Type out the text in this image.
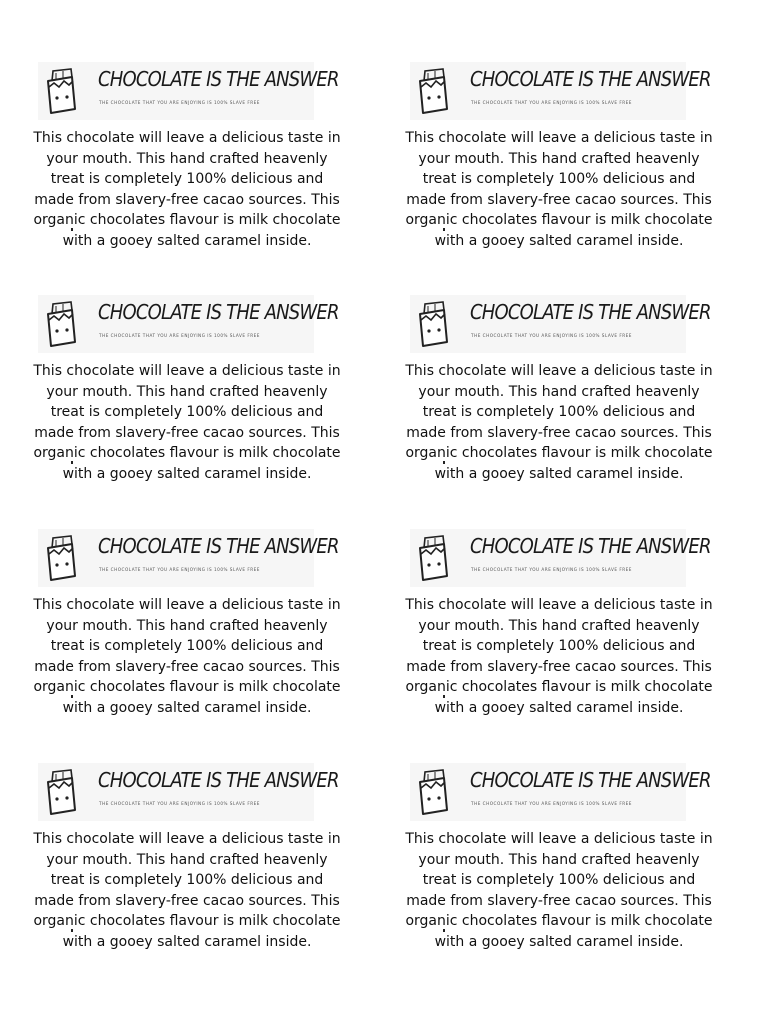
CHOCOLATE IS THE ANSWER
THE CHOCOLATE THAT YOU ARE ENJOYING IS 100% SLAVE FREE

This chocolate will leave a delicious taste in your mouth. This hand crafted heavenly treat is completely 100% delicious and made from slavery-free cacao sources. This organic chocolates flavour is milk chocolate with a gooey salted caramel inside.

CHOCOLATE IS THE ANSWER
THE CHOCOLATE THAT YOU ARE ENJOYING IS 100% SLAVE FREE

This chocolate will leave a delicious taste in your mouth. This hand crafted heavenly treat is completely 100% delicious and made from slavery-free cacao sources. This organic chocolates flavour is milk chocolate with a gooey salted caramel inside.

CHOCOLATE IS THE ANSWER
THE CHOCOLATE THAT YOU ARE ENJOYING IS 100% SLAVE FREE

This chocolate will leave a delicious taste in your mouth. This hand crafted heavenly treat is completely 100% delicious and made from slavery-free cacao sources. This organic chocolates flavour is milk chocolate with a gooey salted caramel inside.

CHOCOLATE IS THE ANSWER
THE CHOCOLATE THAT YOU ARE ENJOYING IS 100% SLAVE FREE

This chocolate will leave a delicious taste in your mouth. This hand crafted heavenly treat is completely 100% delicious and made from slavery-free cacao sources. This organic chocolates flavour is milk chocolate with a gooey salted caramel inside.

CHOCOLATE IS THE ANSWER
THE CHOCOLATE THAT YOU ARE ENJOYING IS 100% SLAVE FREE

This chocolate will leave a delicious taste in your mouth. This hand crafted heavenly treat is completely 100% delicious and made from slavery-free cacao sources. This organic chocolates flavour is milk chocolate with a gooey salted caramel inside.

CHOCOLATE IS THE ANSWER
THE CHOCOLATE THAT YOU ARE ENJOYING IS 100% SLAVE FREE

This chocolate will leave a delicious taste in your mouth. This hand crafted heavenly treat is completely 100% delicious and made from slavery-free cacao sources. This organic chocolates flavour is milk chocolate with a gooey salted caramel inside.

CHOCOLATE IS THE ANSWER
THE CHOCOLATE THAT YOU ARE ENJOYING IS 100% SLAVE FREE

This chocolate will leave a delicious taste in your mouth. This hand crafted heavenly treat is completely 100% delicious and made from slavery-free cacao sources. This organic chocolates flavour is milk chocolate with a gooey salted caramel inside.

CHOCOLATE IS THE ANSWER
THE CHOCOLATE THAT YOU ARE ENJOYING IS 100% SLAVE FREE

This chocolate will leave a delicious taste in your mouth. This hand crafted heavenly treat is completely 100% delicious and made from slavery-free cacao sources. This organic chocolates flavour is milk chocolate with a gooey salted caramel inside.
